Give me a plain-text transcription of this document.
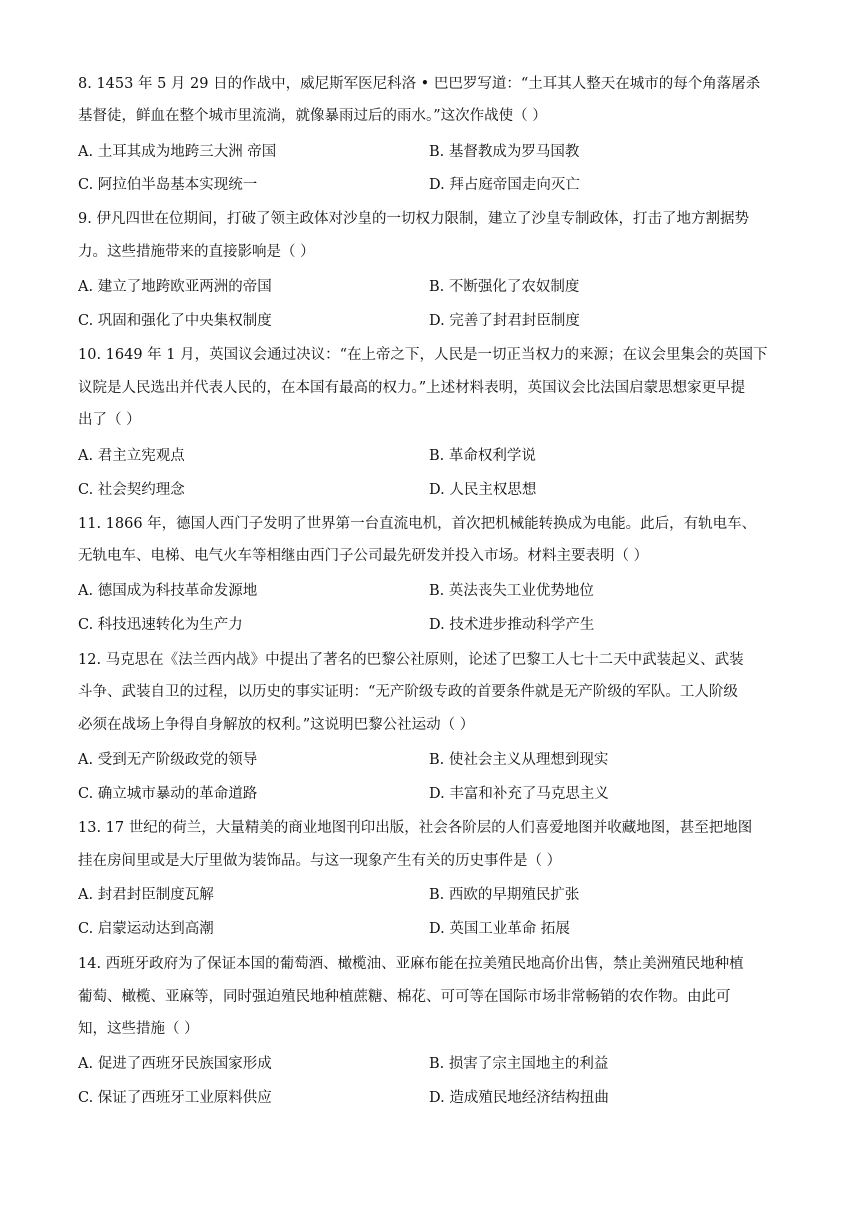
8. 1453 年 5 月 29 日的作战中，威尼斯军医尼科洛 • 巴巴罗写道：“土耳其人整天在城市的每个角落屠杀
基督徒，鲜血在整个城市里流淌，就像暴雨过后的雨水。”这次作战使（ ）
A. 土耳其成为地跨三大洲 帝国	B. 基督教成为罗马国教
C. 阿拉伯半岛基本实现统一	D. 拜占庭帝国走向灭亡
9. 伊凡四世在位期间，打破了领主政体对沙皇的一切权力限制，建立了沙皇专制政体，打击了地方割据势
力。这些措施带来的直接影响是（ ）
A. 建立了地跨欧亚两洲的帝国	B. 不断强化了农奴制度
C. 巩固和强化了中央集权制度	D. 完善了封君封臣制度
10. 1649 年 1 月，英国议会通过决议：“在上帝之下，人民是一切正当权力的来源；在议会里集会的英国下
议院是人民选出并代表人民的，在本国有最高的权力。”上述材料表明，英国议会比法国启蒙思想家更早提
出了（ ）
A. 君主立宪观点	B. 革命权利学说
C. 社会契约理念	D. 人民主权思想
11. 1866 年，德国人西门子发明了世界第一台直流电机，首次把机械能转换成为电能。此后，有轨电车、
无轨电车、电梯、电气火车等相继由西门子公司最先研发并投入市场。材料主要表明（ ）
A. 德国成为科技革命发源地	B. 英法丧失工业优势地位
C. 科技迅速转化为生产力	D. 技术进步推动科学产生
12. 马克思在《法兰西内战》中提出了著名的巴黎公社原则，论述了巴黎工人七十二天中武装起义、武装
斗争、武装自卫的过程，以历史的事实证明：“无产阶级专政的首要条件就是无产阶级的军队。工人阶级
必须在战场上争得自身解放的权利。”这说明巴黎公社运动（ ）
A. 受到无产阶级政党的领导	B. 使社会主义从理想到现实
C. 确立城市暴动的革命道路	D. 丰富和补充了马克思主义
13. 17 世纪的荷兰，大量精美的商业地图刊印出版，社会各阶层的人们喜爱地图并收藏地图，甚至把地图
挂在房间里或是大厅里做为装饰品。与这一现象产生有关的历史事件是（ ）
A. 封君封臣制度瓦解	B. 西欧的早期殖民扩张
C. 启蒙运动达到高潮	D. 英国工业革命 拓展
14. 西班牙政府为了保证本国的葡萄酒、橄榄油、亚麻布能在拉美殖民地高价出售，禁止美洲殖民地种植
葡萄、橄榄、亚麻等，同时强迫殖民地种植蔗糖、棉花、可可等在国际市场非常畅销的农作物。由此可
知，这些措施（ ）
A. 促进了西班牙民族国家形成	B. 损害了宗主国地主的利益
C. 保证了西班牙工业原料供应	D. 造成殖民地经济结构扭曲
